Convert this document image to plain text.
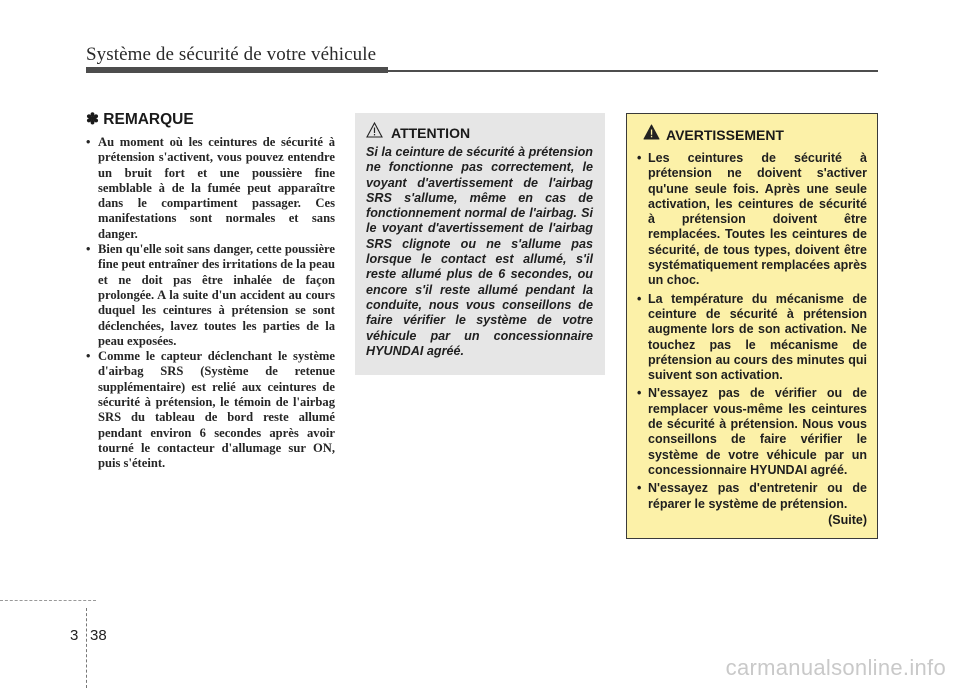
Système de sécurité de votre véhicule
✽ REMARQUE
• Au moment où les ceintures de sécurité à prétension s'activent, vous pouvez entendre un bruit fort et une poussière fine semblable à de la fumée peut apparaître dans le compartiment passager. Ces manifestations sont normales et sans danger.
• Bien qu'elle soit sans danger, cette poussière fine peut entraîner des irritations de la peau et ne doit pas être inhalée de façon prolongée. A la suite d'un accident au cours duquel les ceintures à prétension se sont déclenchées, lavez toutes les parties de la peau exposées.
• Comme le capteur déclenchant le système d'airbag SRS (Système de retenue supplémentaire) est relié aux ceintures de sécurité à prétension, le témoin de l'airbag SRS du tableau de bord reste allumé pendant environ 6 secondes après avoir tourné le contacteur d'allumage sur ON, puis s'éteint.
ATTENTION

Si la ceinture de sécurité à prétension ne fonctionne pas correctement, le voyant d'avertissement de l'airbag SRS s'allume, même en cas de fonctionnement normal de l'airbag. Si le voyant d'avertissement de l'airbag SRS clignote ou ne s'allume pas lorsque le contact est allumé, s'il reste allumé plus de 6 secondes, ou encore s'il reste allumé pendant la conduite, nous vous conseillons de faire vérifier le système de votre véhicule par un concessionnaire HYUNDAI agréé.

AVERTISSEMENT
• Les ceintures de sécurité à prétension ne doivent s'activer qu'une seule fois. Après une seule activation, les ceintures de sécurité à prétension doivent être remplacées. Toutes les ceintures de sécurité, de tous types, doivent être systématiquement remplacées après un choc.
• La température du mécanisme de ceinture de sécurité à prétension augmente lors de son activation. Ne touchez pas le mécanisme de prétension au cours des minutes qui suivent son activation.
• N'essayez pas de vérifier ou de remplacer vous-même les ceintures de sécurité à prétension. Nous vous conseillons de faire vérifier le système de votre véhicule par un concessionnaire HYUNDAI agréé.
• N'essayez pas d'entretenir ou de réparer le système de prétension.
(Suite)
3 38
carmanualsonline.info
